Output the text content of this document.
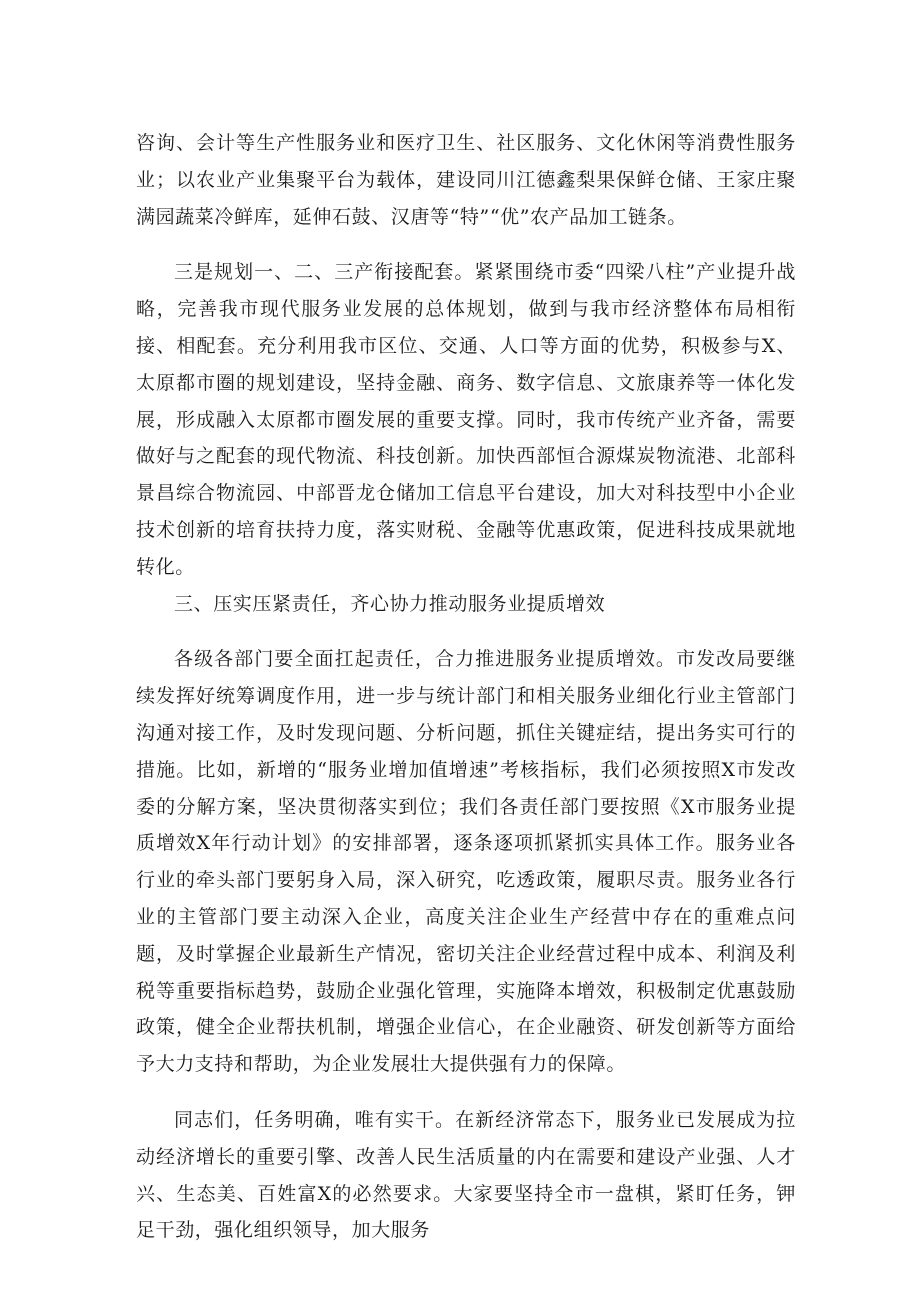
咨询、会计等生产性服务业和医疗卫生、社区服务、文化休闲等消费性服务业；以农业产业集聚平台为载体，建设同川江德鑫梨果保鲜仓储、王家庄聚满园蔬菜冷鲜库，延伸石鼓、汉唐等“特”“优”农产品加工链条。

三是规划一、二、三产衔接配套。紧紧围绕市委“四梁八柱”产业提升战略，完善我市现代服务业发展的总体规划，做到与我市经济整体布局相衔接、相配套。充分利用我市区位、交通、人口等方面的优势，积极参与X、太原都市圈的规划建设，坚持金融、商务、数字信息、文旅康养等一体化发展，形成融入太原都市圈发展的重要支撑。同时，我市传统产业齐备，需要做好与之配套的现代物流、科技创新。加快西部恒合源煤炭物流港、北部科景昌综合物流园、中部晋龙仓储加工信息平台建设，加大对科技型中小企业技术创新的培育扶持力度，落实财税、金融等优惠政策，促进科技成果就地转化。

三、压实压紧责任，齐心协力推动服务业提质增效

各级各部门要全面扛起责任，合力推进服务业提质增效。市发改局要继续发挥好统筹调度作用，进一步与统计部门和相关服务业细化行业主管部门沟通对接工作，及时发现问题、分析问题，抓住关键症结，提出务实可行的措施。比如，新增的“服务业增加值增速”考核指标，我们必须按照X市发改委的分解方案，坚决贯彻落实到位；我们各责任部门要按照《X市服务业提质增效X年行动计划》的安排部署，逐条逐项抓紧抓实具体工作。服务业各行业的牵头部门要躬身入局，深入研究，吃透政策，履职尽责。服务业各行业的主管部门要主动深入企业，高度关注企业生产经营中存在的重难点问题，及时掌握企业最新生产情况，密切关注企业经营过程中成本、利润及利税等重要指标趋势，鼓励企业强化管理，实施降本增效，积极制定优惠鼓励政策，健全企业帮扶机制，增强企业信心，在企业融资、研发创新等方面给予大力支持和帮助，为企业发展壮大提供强有力的保障。

同志们，任务明确，唯有实干。在新经济常态下，服务业已发展成为拉动经济增长的重要引擎、改善人民生活质量的内在需要和建设产业强、人才兴、生态美、百姓富X的必然要求。大家要坚持全市一盘棋，紧盯任务，钾足干劲，强化组织领导，加大服务
